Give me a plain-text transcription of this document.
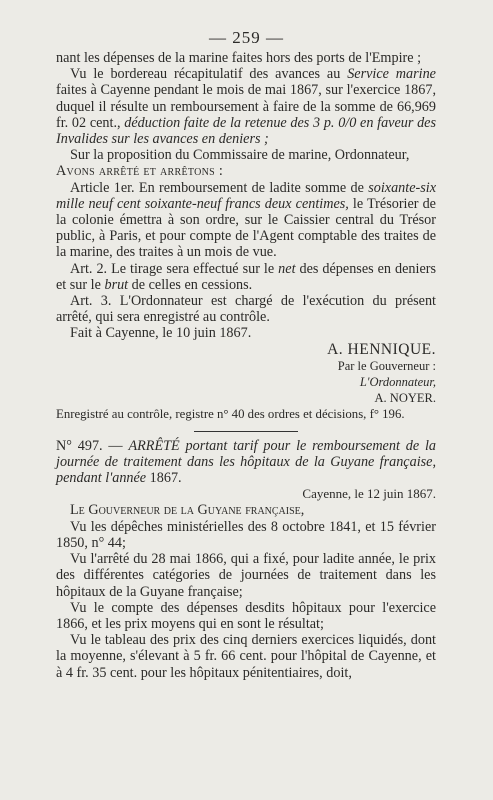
— 259 —

nant les dépenses de la marine faites hors des ports de l'Empire ;

Vu le bordereau récapitulatif des avances au Service marine faites à Cayenne pendant le mois de mai 1867, sur l'exercice 1867, duquel il résulte un remboursement à faire de la somme de 66,969 fr. 02 cent., déduction faite de la retenue des 3 p. 0/0 en faveur des Invalides sur les avances en deniers ;

Sur la proposition du Commissaire de marine, Ordonnateur,

Avons arrêté et arrêtons :

Article 1er. En remboursement de ladite somme de soixante-six mille neuf cent soixante-neuf francs deux centimes, le Trésorier de la colonie émettra à son ordre, sur le Caissier central du Trésor public, à Paris, et pour compte de l'Agent comptable des traites de la marine, des traites à un mois de vue.

Art. 2. Le tirage sera effectué sur le net des dépenses en deniers et sur le brut de celles en cessions.

Art. 3. L'Ordonnateur est chargé de l'exécution du présent arrêté, qui sera enregistré au contrôle.

Fait à Cayenne, le 10 juin 1867.

A. HENNIQUE.

Par le Gouverneur :

L'Ordonnateur,

A. NOYER.

Enregistré au contrôle, registre n° 40 des ordres et décisions, f° 196.

N° 497. — ARRÊTÉ portant tarif pour le remboursement de la journée de traitement dans les hôpitaux de la Guyane française, pendant l'année 1867.

Cayenne, le 12 juin 1867.

Le Gouverneur de la Guyane française,

Vu les dépêches ministérielles des 8 octobre 1841, et 15 février 1850, n° 44;

Vu l'arrêté du 28 mai 1866, qui a fixé, pour ladite année, le prix des différentes catégories de journées de traitement dans les hôpitaux de la Guyane française;

Vu le compte des dépenses desdits hôpitaux pour l'exercice 1866, et les prix moyens qui en sont le résultat;

Vu le tableau des prix des cinq derniers exercices liquidés, dont la moyenne, s'élevant à 5 fr. 66 cent. pour l'hôpital de Cayenne, et à 4 fr. 35 cent. pour les hôpitaux pénitentiaires, doit,
